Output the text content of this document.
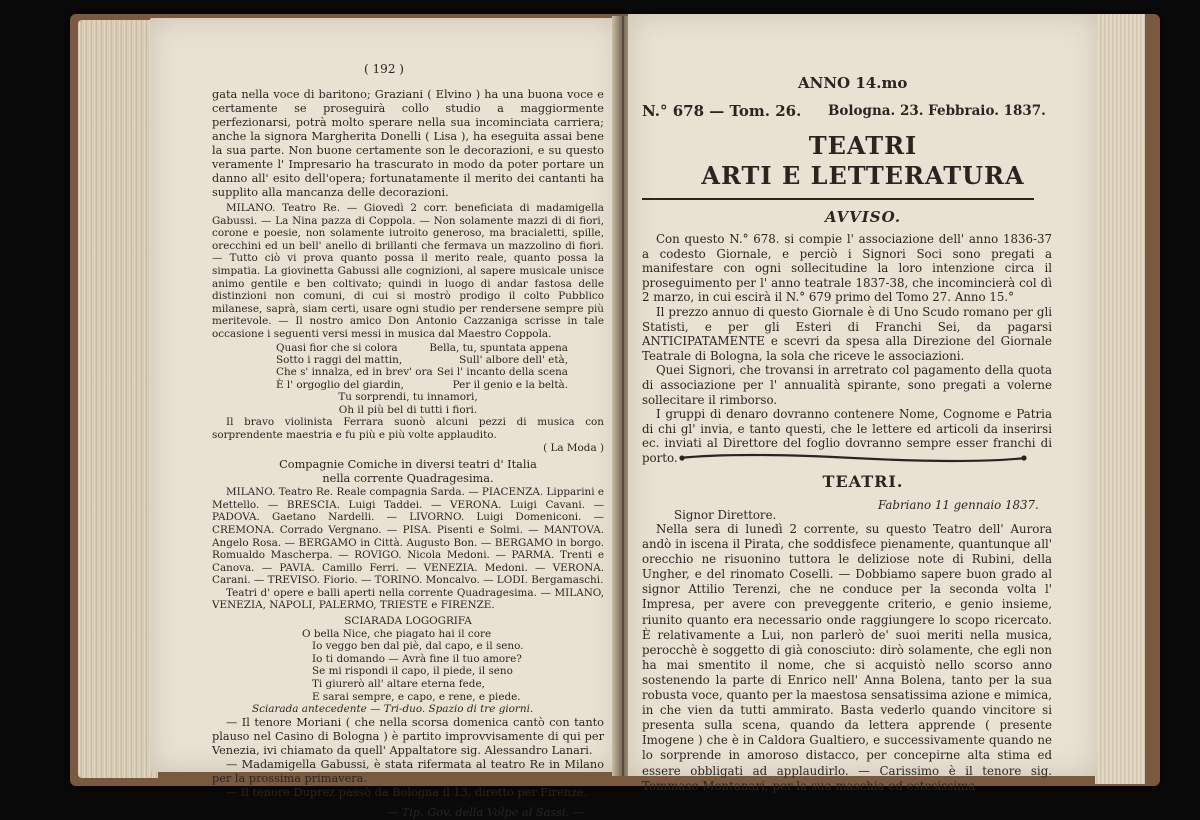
( 192 )

gata nella voce di baritono; Graziani ( Elvino ) ha una buona voce e certamente se proseguirà collo studio a maggiormente perfezionarsi, potrà molto sperare nella sua incominciata carriera; anche la signora Margherita Donelli ( Lisa ), ha eseguita assai bene la sua parte. Non buone certamente son le decorazioni, e su questo veramente l' Impresario ha trascurato in modo da poter portare un danno all' esito dell'opera; fortunatamente il merito dei cantanti ha supplito alla mancanza delle decorazioni.

MILANO. Teatro Re. — Giovedì 2 corr. beneficiata di madamigella Gabussi. — La Nina pazza di Coppola. — Non solamente mazzi di di fiori, corone e poesie, non solamente iutroito generoso, ma bracialetti, spille, orecchini ed un bell' anello di brillanti che fermava un mazzolino di fiori. — Tutto ciò vi prova quanto possa il merito reale, quanto possa la simpatia. La giovinetta Gabussi alle cognizioni, al sapere musicale unisce animo gentile e ben coltivato; quindi in luogo di andar fastosa delle distinzioni non comuni, di cui si mostrò prodigo il colto Pubblico milanese, saprà, siam certi, usare ogni studio per rendersene sempre più meritevole. — Il nostro amico Don Antonio Cazzaniga scrisse in tale occasione i seguenti versi messi in musica dal Maestro Coppola.

Quasi fior che si colora	Bella, tu, spuntata appena
Sotto i raggi del mattin,	Sull' albore dell' età,
Che s' innalza, ed in brev' ora Sei l' incanto della scena
È l' orgoglio del giardin,	Per il genio e la beltà.
Tu sorprendi, tu innamori,
Oh il più bel di tutti i fiori.

Il bravo violinista Ferrara suonò alcuni pezzi di musica con sorprendente maestria e fu più e più volte applaudito.

( La Moda )

Compagnie Comiche in diversi teatri d' Italia

nella corrente Quadragesima.

MILANO. Teatro Re. Reale compagnia Sarda. — PIACENZA. Lipparini e Mettello. — BRESCIA. Luigi Taddei. — VERONA. Luigi Cavani. — PADOVA. Gaetano Nardelli. — LIVORNO. Luigi Domeniconi. — CREMONA. Corrado Vergnano. — PISA. Pisenti e Solmi. — MANTOVA. Angelo Rosa. — BERGAMO in Città. Augusto Bon. — BERGAMO in borgo. Romualdo Mascherpa. — ROVIGO. Nicola Medoni. — PARMA. Trenti e Canova. — PAVIA. Camillo Ferri. — VENEZIA. Medoni. — VERONA. Carani. — TREVISO. Fiorio. — TORINO. Moncalvo. — LODI. Bergamaschi.

Teatri d' opere e balli aperti nella corrente Quadragesima. — MILANO, VENEZIA, NAPOLI, PALERMO, TRIESTE e FIRENZE.

SCIARADA LOGOGRIFA

O bella Nice, che piagato hai il core
Io veggo ben dal piè, dal capo, e il seno.
Io ti domando — Avrà fine il tuo amore?
Se mi rispondi il capo, il piede, il seno
Ti giurerò all' altare eterna fede,
E sarai sempre, e capo, e rene, e piede.

Sciarada antecedente — Tri-duo. Spazio di tre giorni.

— Il tenore Moriani ( che nella scorsa domenica cantò con tanto plauso nel Casino di Bologna ) è partito improvvisamente di qui per Venezia, ivi chiamato da quell' Appaltatore sig. Alessandro Lanari.

— Madamigella Gabussi, è stata rifermata al teatro Re in Milano per la prossima primavera.

— Il tenore Duprez passò da Bologna il 13, diretto per Firenze.

— Tip. Gov. della Volpe al Sassi. —

ANNO 14.mo
N.° 678 — Tom. 26. Bologna. 23. Febbraio. 1837.
TEATRI
ARTI E LETTERATURA
AVVISO.

Con questo N.° 678. si compie l' associazione dell' anno 1836-37 a codesto Giornale, e perciò i Signori Soci sono pregati a manifestare con ogni sollecitudine la loro intenzione circa il proseguimento per l' anno teatrale 1837-38, che incomincierà col dì 2 marzo, in cui escirà il N.° 679 primo del Tomo 27. Anno 15.°

Il prezzo annuo di questo Giornale è di Uno Scudo romano per gli Statisti, e per gli Esteri di Franchi Sei, da pagarsi ANTICIPATAMENTE e scevri da spesa alla Direzione del Giornale Teatrale di Bologna, la sola che riceve le associazioni.

Quei Signori, che trovansi in arretrato col pagamento della quota di associazione per l' annualità spirante, sono pregati a volerne sollecitare il rimborso.

I gruppi di denaro dovranno contenere Nome, Cognome e Patria di chi gl' invia, e tanto questi, che le lettere ed articoli da inserirsi ec. inviati al Direttore del foglio dovranno sempre esser franchi di porto.

TEATRI.
Fabriano 11 gennaio 1837.
Signor Direttore.

Nella sera di lunedì 2 corrente, su questo Teatro dell' Aurora andò in iscena il Pirata, che soddisfece pienamente, quantunque all' orecchio ne risuonino tuttora le deliziose note di Rubini, della Ungher, e del rinomato Coselli. — Dobbiamo sapere buon grado al signor Attilio Terenzi, che ne conduce per la seconda volta l' Impresa, per avere con preveggente criterio, e genio insieme, riunito quanto era necessario onde raggiungere lo scopo ricercato. È relativamente a Lui, non parlerò de' suoi meriti nella musica, perocchè è soggetto di già conosciuto: dirò solamente, che egli non ha mai smentito il nome, che si acquistò nello scorso anno sostenendo la parte di Enrico nell' Anna Bolena, tanto per la sua robusta voce, quanto per la maestosa sensatissima azione e mimica, in che vien da tutti ammirato. Basta vederlo quando vincitore si presenta sulla scena, quando da lettera apprende ( presente Imogene ) che è in Caldora Gualtiero, e successivamente quando ne lo sorprende in amoroso distacco, per concepirne alta stima ed essere obbligati ad applaudirlo. — Carissimo è il tenore sig. Tommaso Montanari, per la sua maschia ed estesissima
